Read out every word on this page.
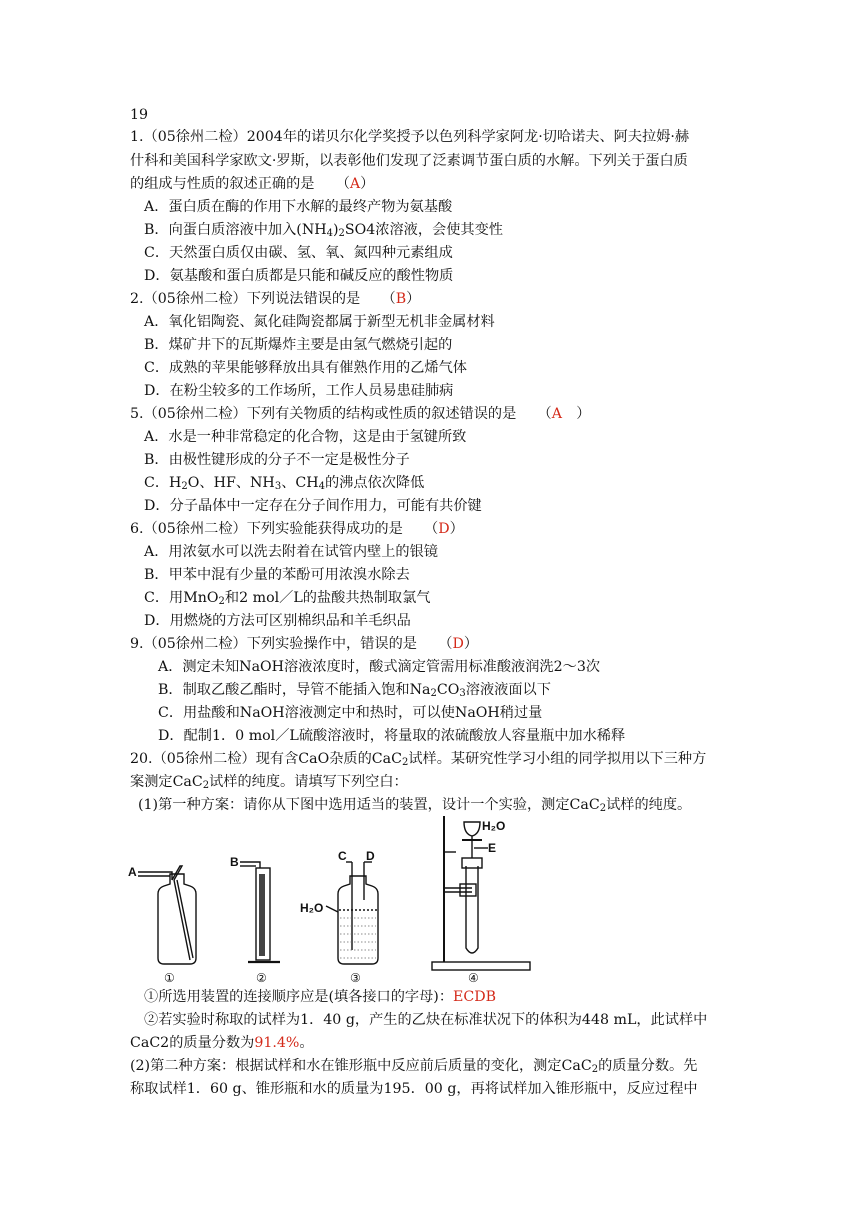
19
1.（05徐州二检）2004年的诺贝尔化学奖授予以色列科学家阿龙·切哈诺夫、阿夫拉姆·赫
什科和美国科学家欧文·罗斯，以表彰他们发现了泛素调节蛋白质的水解。下列关于蛋白质
的组成与性质的叙述正确的是　　（A）
A．蛋白质在酶的作用下水解的最终产物为氨基酸
B．向蛋白质溶液中加入$(NH_4)_2SO4$浓溶液，会使其变性
C．天然蛋白质仅由碳、氢、氧、氮四种元素组成
D．氨基酸和蛋白质都是只能和碱反应的酸性物质
2.（05徐州二检）下列说法错误的是　　（B）
A．氧化铝陶瓷、氮化硅陶瓷都属于新型无机非金属材料
B．煤矿井下的瓦斯爆炸主要是由氢气燃烧引起的
C．成熟的苹果能够释放出具有催熟作用的乙烯气体
D．在粉尘较多的工作场所，工作人员易患硅肺病
5.（05徐州二检）下列有关物质的结构或性质的叙述错误的是　　（A　）
A．水是一种非常稳定的化合物，这是由于氢键所致
B．由极性键形成的分子不一定是极性分子
C．$H_2O$、HF、$NH_3$、$CH_4$的沸点依次降低
D．分子晶体中一定存在分子间作用力，可能有共价键
6.（05徐州二检）下列实验能获得成功的是　　（D）
A．用浓氨水可以洗去附着在试管内壁上的银镜
B．甲苯中混有少量的苯酚可用浓溴水除去
C．用MnO$_2$和2 mol／L的盐酸共热制取氯气
D．用燃烧的方法可区别棉织品和羊毛织品
9.（05徐州二检）下列实验操作中，错误的是　　（D）
A．测定未知NaOH溶液浓度时，酸式滴定管需用标准酸液润洗2～3次
B．制取乙酸乙酯时，导管不能插入饱和$Na_2CO_3$溶液液面以下
C．用盐酸和NaOH溶液测定中和热时，可以使NaOH稍过量
D．配制1．0 mol／L硫酸溶液时，将量取的浓硫酸放人容量瓶中加水稀释
20.（05徐州二检）现有含CaO杂质的CaC$_2$试样。某研究性学习小组的同学拟用以下三种方
案测定CaC$_2$试样的纯度。请填写下列空白：
(1)第一种方案：请你从下图中选用适当的装置，设计一个实验，测定CaC$_2$试样的纯度。
A
B	C D
H₂O
H₂O
E
①	②	③	④
①所选用装置的连接顺序应是(填各接口的字母)：ECDB
②若实验时称取的试样为1．40 g，产生的乙炔在标准状况下的体积为448 mL，此试样中
CaC2的质量分数为91.4%。
(2)第二种方案：根据试样和水在锥形瓶中反应前后质量的变化，测定CaC$_2$的质量分数。先
称取试样1．60 g、锥形瓶和水的质量为195．00 g，再将试样加入锥形瓶中，反应过程中
